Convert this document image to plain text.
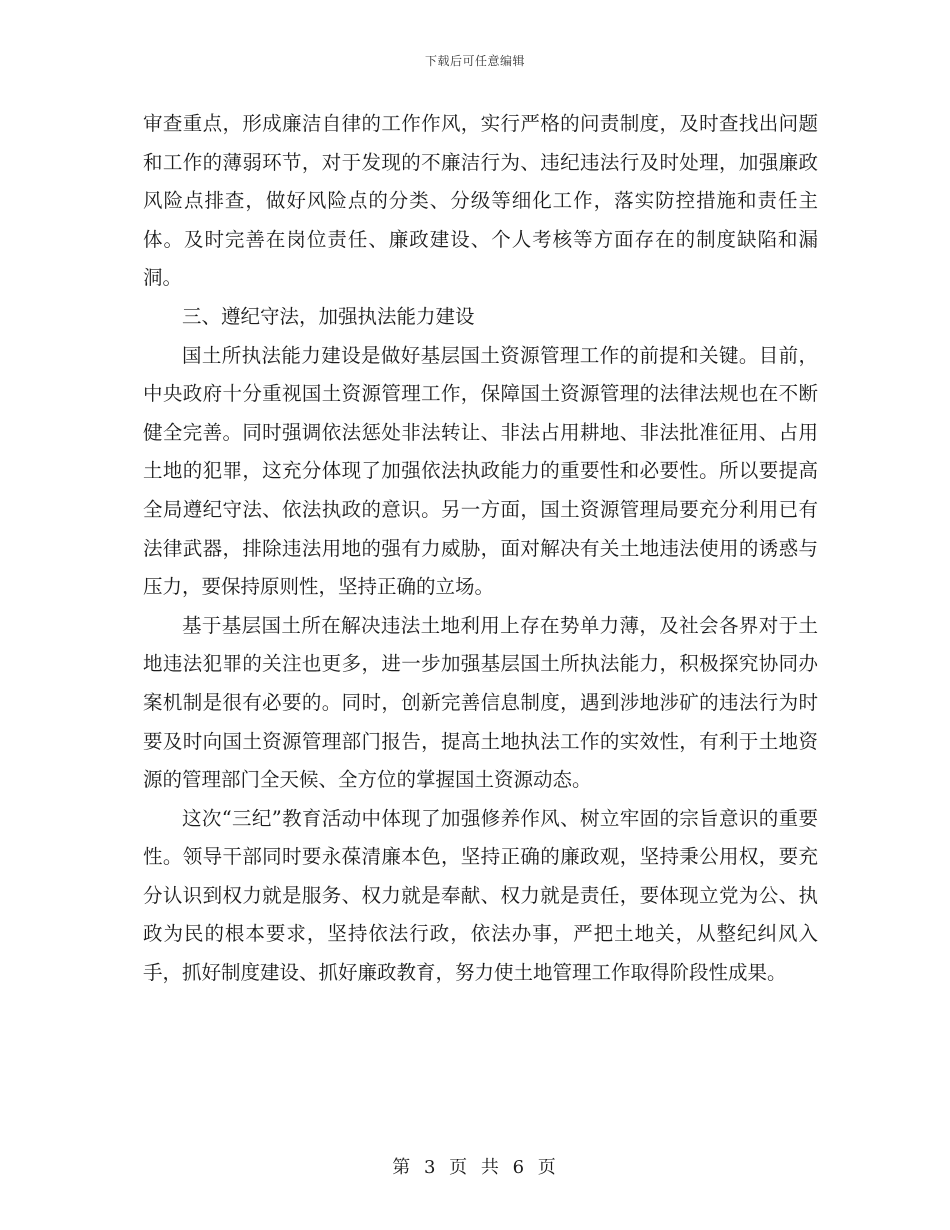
下载后可任意编辑

审查重点，形成廉洁自律的工作作风，实行严格的问责制度，及时查找出问题和工作的薄弱环节，对于发现的不廉洁行为、违纪违法行及时处理，加强廉政风险点排查，做好风险点的分类、分级等细化工作，落实防控措施和责任主体。及时完善在岗位责任、廉政建设、个人考核等方面存在的制度缺陷和漏洞。

三、遵纪守法，加强执法能力建设

国土所执法能力建设是做好基层国土资源管理工作的前提和关键。目前，中央政府十分重视国土资源管理工作，保障国土资源管理的法律法规也在不断健全完善。同时强调依法惩处非法转让、非法占用耕地、非法批准征用、占用土地的犯罪，这充分体现了加强依法执政能力的重要性和必要性。所以要提高全局遵纪守法、依法执政的意识。另一方面，国土资源管理局要充分利用已有法律武器，排除违法用地的强有力威胁，面对解决有关土地违法使用的诱惑与压力，要保持原则性，坚持正确的立场。

基于基层国土所在解决违法土地利用上存在势单力薄，及社会各界对于土地违法犯罪的关注也更多，进一步加强基层国土所执法能力，积极探究协同办案机制是很有必要的。同时，创新完善信息制度，遇到涉地涉矿的违法行为时要及时向国土资源管理部门报告，提高土地执法工作的实效性，有利于土地资源的管理部门全天候、全方位的掌握国土资源动态。

这次“三纪”教育活动中体现了加强修养作风、树立牢固的宗旨意识的重要性。领导干部同时要永葆清廉本色，坚持正确的廉政观，坚持秉公用权，要充分认识到权力就是服务、权力就是奉献、权力就是责任，要体现立党为公、执政为民的根本要求，坚持依法行政，依法办事，严把土地关，从整纪纠风入手，抓好制度建设、抓好廉政教育，努力使土地管理工作取得阶段性成果。

第 3 页 共 6 页
